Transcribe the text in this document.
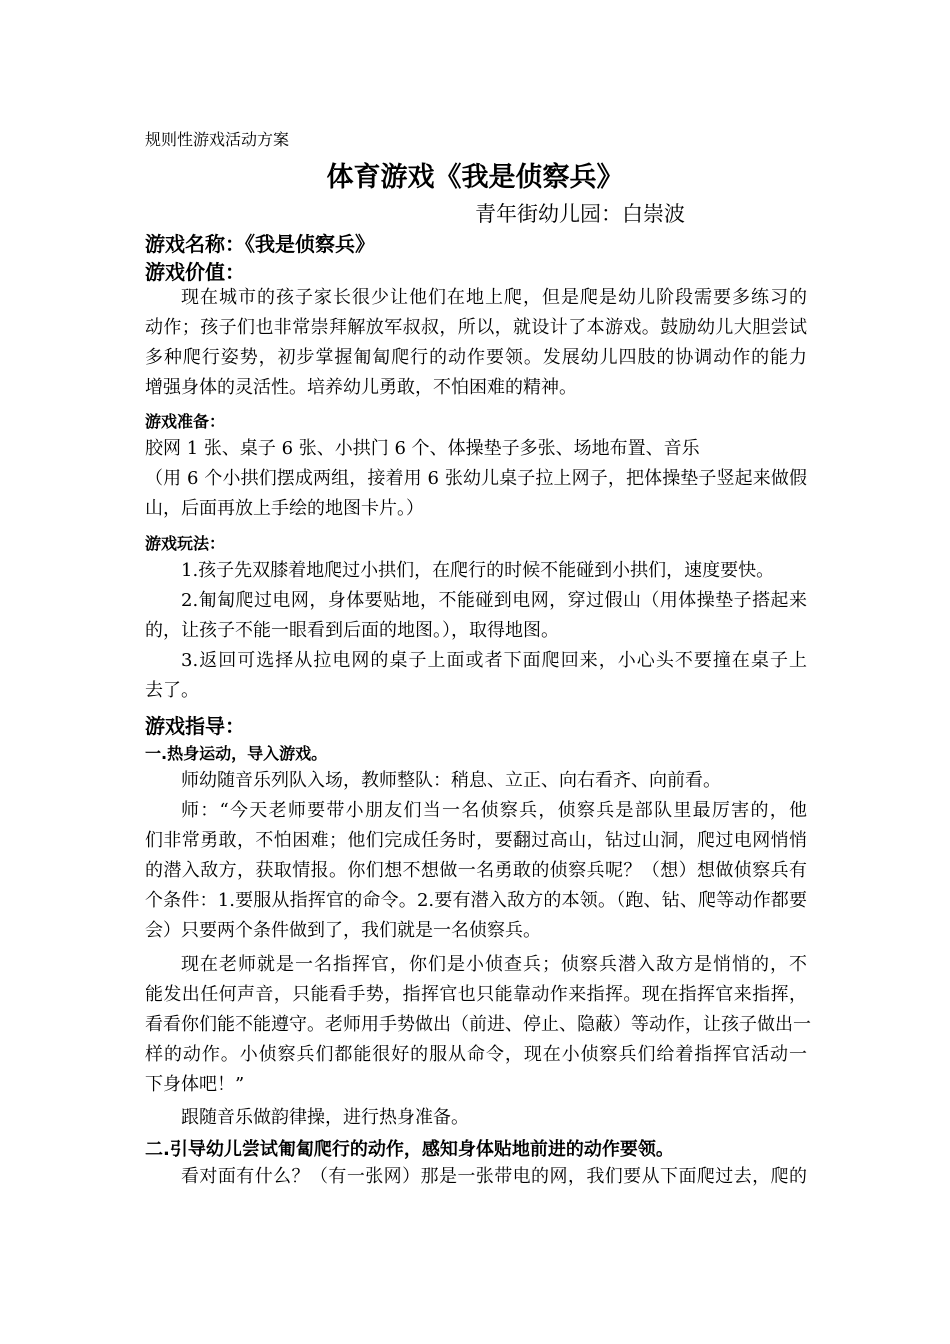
规则性游戏活动方案
体育游戏《我是侦察兵》
青年街幼儿园：白崇波
游戏名称：《我是侦察兵》
游戏价值：
现在城市的孩子家长很少让他们在地上爬，但是爬是幼儿阶段需要多练习的
动作；孩子们也非常崇拜解放军叔叔，所以，就设计了本游戏。鼓励幼儿大胆尝试
多种爬行姿势，初步掌握匍匐爬行的动作要领。发展幼儿四肢的协调动作的能力
增强身体的灵活性。培养幼儿勇敢，不怕困难的精神。
游戏准备：
胶网 1 张、桌子 6 张、小拱门 6 个、体操垫子多张、场地布置、音乐
（用 6 个小拱们摆成两组，接着用 6 张幼儿桌子拉上网子，把体操垫子竖起来做假
山，后面再放上手绘的地图卡片。）
游戏玩法：
1.孩子先双膝着地爬过小拱们，在爬行的时候不能碰到小拱们，速度要快。
2.匍匐爬过电网，身体要贴地，不能碰到电网，穿过假山（用体操垫子搭起来
的，让孩子不能一眼看到后面的地图。），取得地图。
3.返回可选择从拉电网的桌子上面或者下面爬回来，小心头不要撞在桌子上
去了。
游戏指导：
一.热身运动，导入游戏。
师幼随音乐列队入场，教师整队：稍息、立正、向右看齐、向前看。
师：“今天老师要带小朋友们当一名侦察兵，侦察兵是部队里最厉害的，他
们非常勇敢，不怕困难；他们完成任务时，要翻过高山，钻过山洞，爬过电网悄悄
的潜入敌方，获取情报。你们想不想做一名勇敢的侦察兵呢？（想）想做侦察兵有
个条件：1.要服从指挥官的命令。2.要有潜入敌方的本领。（跑、钻、爬等动作都要
会）只要两个条件做到了，我们就是一名侦察兵。
现在老师就是一名指挥官，你们是小侦查兵；侦察兵潜入敌方是悄悄的，不
能发出任何声音，只能看手势，指挥官也只能靠动作来指挥。现在指挥官来指挥，
看看你们能不能遵守。老师用手势做出（前进、停止、隐蔽）等动作，让孩子做出一
样的动作。小侦察兵们都能很好的服从命令，现在小侦察兵们给着指挥官活动一
下身体吧！”
跟随音乐做韵律操，进行热身准备。
二.引导幼儿尝试匍匐爬行的动作，感知身体贴地前进的动作要领。
看对面有什么？（有一张网）那是一张带电的网，我们要从下面爬过去，爬的
